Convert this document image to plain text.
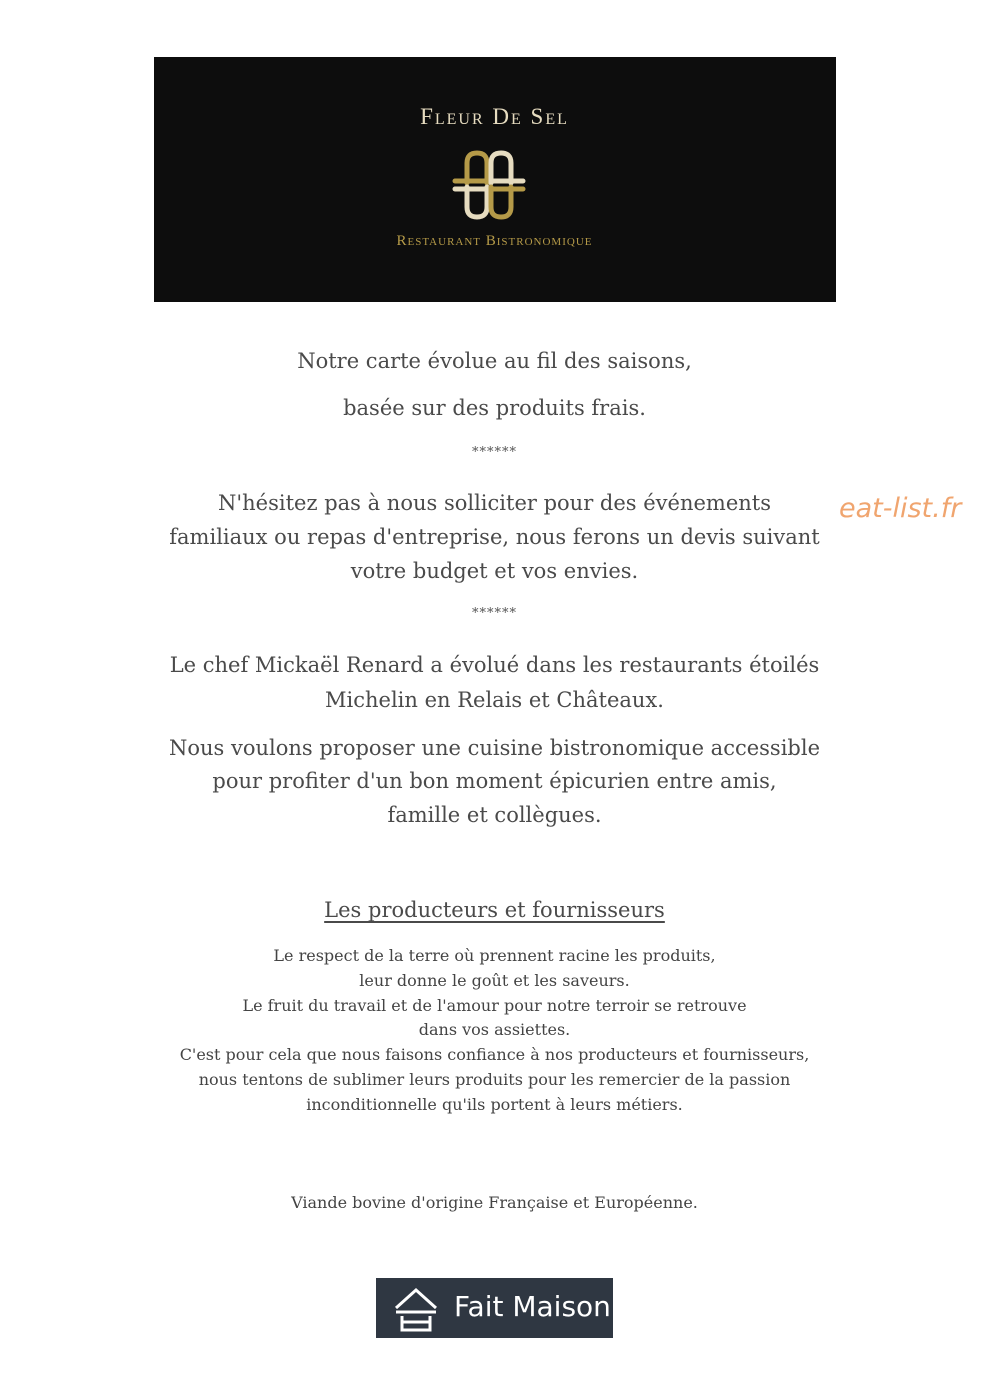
Fleur De Sel
Restaurant Bistronomique

Notre carte évolue au fil des saisons,

basée sur des produits frais.

******

N'hésitez pas à nous solliciter pour des événements

familiaux ou repas d'entreprise, nous ferons un devis suivant

votre budget et vos envies.

******

Le chef Mickaël Renard a évolué dans les restaurants étoilés

Michelin en Relais et Châteaux.

Nous voulons proposer une cuisine bistronomique accessible

pour profiter d'un bon moment épicurien entre amis,

famille et collègues.

Les producteurs et fournisseurs

Le respect de la terre où prennent racine les produits,

leur donne le goût et les saveurs.

Le fruit du travail et de l'amour pour notre terroir se retrouve

dans vos assiettes.

C'est pour cela que nous faisons confiance à nos producteurs et fournisseurs,

nous tentons de sublimer leurs produits pour les remercier de la passion

inconditionnelle qu'ils portent à leurs métiers.

Viande bovine d'origine Française et Européenne.

eat-list.fr
Fait Maison
